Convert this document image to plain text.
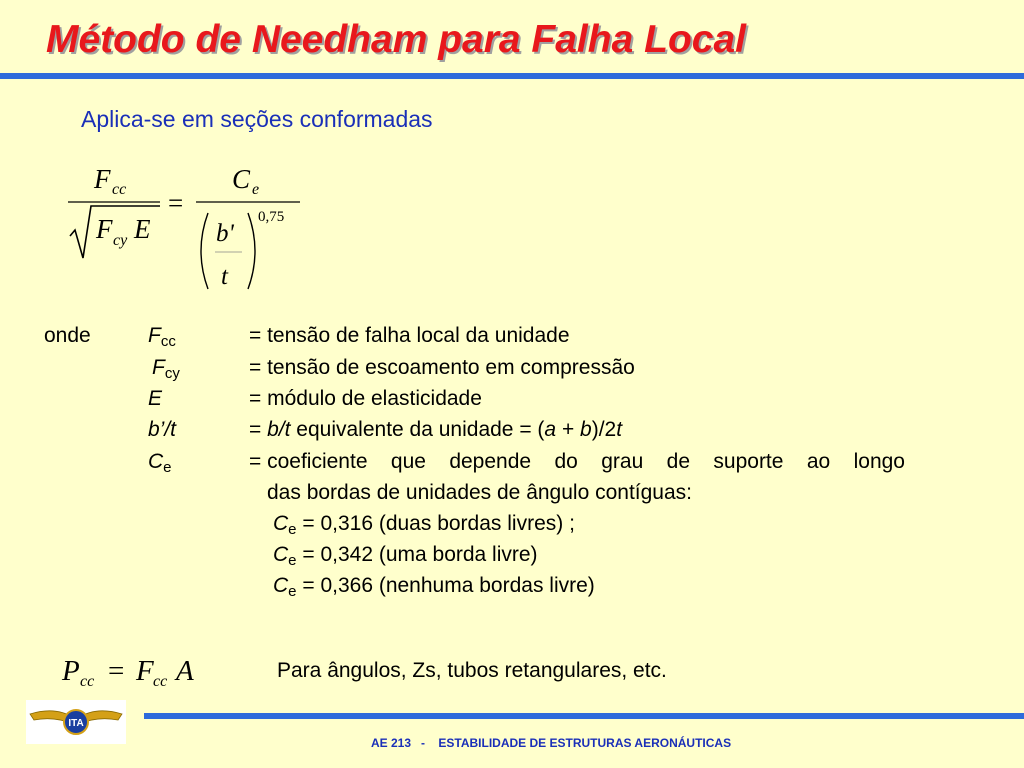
Método de Needham para Falha Local
Aplica-se em seções conformadas
F cc
F cy E
=
C e
b'
t
0,75
onde	$F_{cc}$	= tensão de falha local da unidade
$F_{cy}$	= tensão de escoamento em compressão
E	= módulo de elasticidade
b’/t	= b/t equivalente da unidade = (a + b)/2t
$C_e$	= coeficiente que depende do grau de suporte ao longo
das bordas de unidades de ângulo contíguas:
$C_e = 0,316$ (duas bordas livres) ;
$C_e = 0,342$ (uma borda livre)
$C_e = 0,366$ (nenhuma bordas livre)
P cc = F cc A	Para ângulos, Zs, tubos retangulares, etc.
ITA
AE 213 - ESTABILIDADE DE ESTRUTURAS AERONÁUTICAS
